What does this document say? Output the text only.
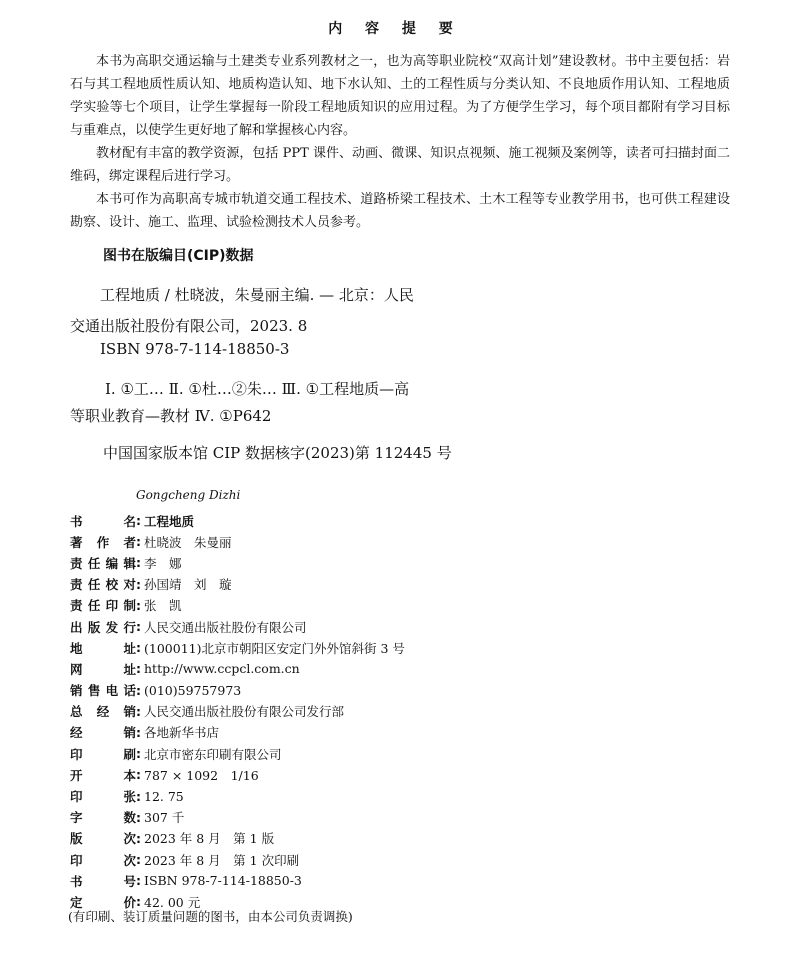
内 容 提 要

本书为高职交通运输与土建类专业系列教材之一，也为高等职业院校“双高计划”建设教材。书中主要包括：岩石与其工程地质性质认知、地质构造认知、地下水认知、土的工程性质与分类认知、不良地质作用认知、工程地质学实验等七个项目，让学生掌握每一阶段工程地质知识的应用过程。为了方便学生学习，每个项目都附有学习目标与重难点，以使学生更好地了解和掌握核心内容。

教材配有丰富的教学资源，包括 PPT 课件、动画、微课、知识点视频、施工视频及案例等，读者可扫描封面二维码，绑定课程后进行学习。

本书可作为高职高专城市轨道交通工程技术、道路桥梁工程技术、土木工程等专业教学用书，也可供工程建设勘察、设计、施工、监理、试验检测技术人员参考。

图书在版编目(CIP)数据
工程地质 / 杜晓波，朱曼丽主编. — 北京：人民
交通出版社股份有限公司，2023. 8
ISBN 978-7-114-18850-3
Ⅰ. ①工… Ⅱ. ①杜…②朱… Ⅲ. ①工程地质—高
等职业教育—教材 Ⅳ. ①P642
中国国家版本馆 CIP 数据核字(2023)第 112445 号
Gongcheng Dizhi
书名 : 工程地质
著作者 : 杜晓波　朱曼丽
责任编辑 : 李　娜
责任校对 : 孙国靖　刘　璇
责任印制 : 张　凯
出版发行 : 人民交通出版社股份有限公司
地址 : (100011)北京市朝阳区安定门外外馆斜街 3 号
网址 : http://www.ccpcl.com.cn
销售电话 : (010)59757973
总经销 : 人民交通出版社股份有限公司发行部
经销 : 各地新华书店
印刷 : 北京市密东印刷有限公司
开本 : 787 × 1092　1/16
印张 : 12. 75
字数 : 307 千
版次 : 2023 年 8 月　第 1 版
印次 : 2023 年 8 月　第 1 次印刷
书号 : ISBN 978-7-114-18850-3
定价 : 42. 00 元
(有印刷、装订质量问题的图书，由本公司负责调换)
